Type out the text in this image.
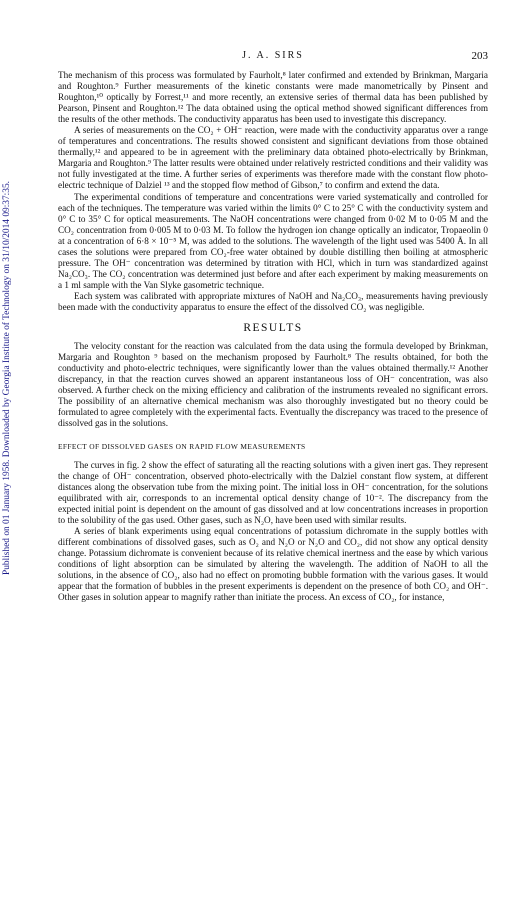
Published on 01 January 1958. Downloaded by Georgia Institute of Technology on 31/10/2014 09:37:35.
J. A. SIRS	203

The mechanism of this process was formulated by Faurholt,⁸ later confirmed and extended by Brinkman, Margaria and Roughton.⁹ Further measurements of the kinetic constants were made manometrically by Pinsent and Roughton,¹⁰ optically by Forrest,¹¹ and more recently, an extensive series of thermal data has been published by Pearson, Pinsent and Roughton.¹² The data obtained using the optical method showed significant differences from the results of the other methods. The conductivity apparatus has been used to investigate this discrepancy.

A series of measurements on the CO₂ + OH⁻ reaction, were made with the conductivity apparatus over a range of temperatures and concentrations. The results showed consistent and significant deviations from those obtained thermally,¹² and appeared to be in agreement with the preliminary data obtained photo-electrically by Brinkman, Margaria and Roughton.⁹ The latter results were obtained under relatively restricted conditions and their validity was not fully investigated at the time. A further series of experiments was therefore made with the constant flow photo-electric technique of Dalziel ¹³ and the stopped flow method of Gibson,⁷ to confirm and extend the data.

The experimental conditions of temperature and concentrations were varied systematically and controlled for each of the techniques. The temperature was varied within the limits 0° C to 25° C with the conductivity system and 0° C to 35° C for optical measurements. The NaOH concentrations were changed from 0·02 M to 0·05 M and the CO₂ concentration from 0·005 M to 0·03 M. To follow the hydrogen ion change optically an indicator, Tropaeolin 0 at a concentration of 6·8 × 10⁻⁵ M, was added to the solutions. The wavelength of the light used was 5400 Å. In all cases the solutions were prepared from CO₂-free water obtained by double distilling then boiling at atmospheric pressure. The OH⁻ concentration was determined by titration with HCl, which in turn was standardized against Na₂CO₃. The CO₂ concentration was determined just before and after each experiment by making measurements on a 1 ml sample with the Van Slyke gasometric technique.

Each system was calibrated with appropriate mixtures of NaOH and Na₂CO₃, measurements having previously been made with the conductivity apparatus to ensure the effect of the dissolved CO₂ was negligible.

RESULTS

The velocity constant for the reaction was calculated from the data using the formula developed by Brinkman, Margaria and Roughton ⁹ based on the mechanism proposed by Faurholt.⁸ The results obtained, for both the conductivity and photo-electric techniques, were significantly lower than the values obtained thermally.¹² Another discrepancy, in that the reaction curves showed an apparent instantaneous loss of OH⁻ concentration, was also observed. A further check on the mixing efficiency and calibration of the instruments revealed no significant errors. The possibility of an alternative chemical mechanism was also thoroughly investigated but no theory could be formulated to agree completely with the experimental facts. Eventually the discrepancy was traced to the presence of dissolved gas in the solutions.

EFFECT OF DISSOLVED GASES ON RAPID FLOW MEASUREMENTS

The curves in fig. 2 show the effect of saturating all the reacting solutions with a given inert gas. They represent the change of OH⁻ concentration, observed photo-electrically with the Dalziel constant flow system, at different distances along the observation tube from the mixing point. The initial loss in OH⁻ concentration, for the solutions equilibrated with air, corresponds to an incremental optical density change of 10⁻². The discrepancy from the expected initial point is dependent on the amount of gas dissolved and at low concentrations increases in proportion to the solubility of the gas used. Other gases, such as N₂O, have been used with similar results.

A series of blank experiments using equal concentrations of potassium dichromate in the supply bottles with different combinations of dissolved gases, such as O₂ and N₂O or N₂O and CO₂, did not show any optical density change. Potassium dichromate is convenient because of its relative chemical inertness and the ease by which various conditions of light absorption can be simulated by altering the wavelength. The addition of NaOH to all the solutions, in the absence of CO₂, also had no effect on promoting bubble formation with the various gases. It would appear that the formation of bubbles in the present experiments is dependent on the presence of both CO₂ and OH⁻. Other gases in solution appear to magnify rather than initiate the process. An excess of CO₂, for instance,
